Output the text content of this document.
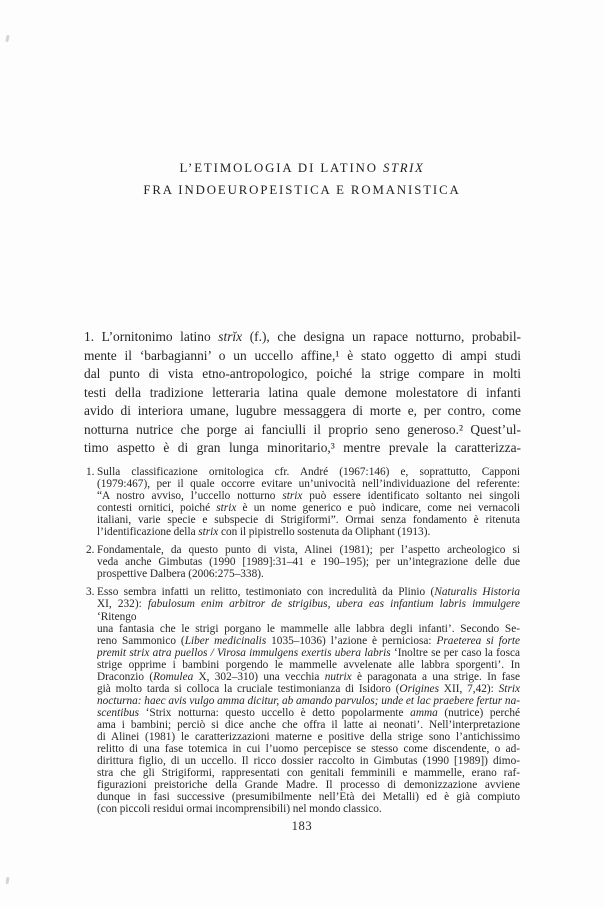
L’ETIMOLOGIA DI LATINO STRIX
FRA INDOEUROPEISTICA E ROMANISTICA
1. L’ornitonimo latino strĭx (f.), che designa un rapace notturno, probabil-
mente il ‘barbagianni’ o un uccello affine,¹ è stato oggetto di ampi studi
dal punto di vista etno-antropologico, poiché la strige compare in molti
testi della tradizione letteraria latina quale demone molestatore di infanti
avido di interiora umane, lugubre messaggera di morte e, per contro, come
notturna nutrice che porge ai fanciulli il proprio seno generoso.² Quest’ul-
timo aspetto è di gran lunga minoritario,³ mentre prevale la caratterizza-
1. Sulla classificazione ornitologica cfr. André (1967:146) e, soprattutto, Capponi
(1979:467), per il quale occorre evitare un’univocità nell’individuazione del referente:
“A nostro avviso, l’uccello notturno strix può essere identificato soltanto nei singoli
contesti ornitici, poiché strix è un nome generico e può indicare, come nei vernacoli
italiani, varie specie e subspecie di Strigiformi”. Ormai senza fondamento è ritenuta
l’identificazione della strix con il pipistrello sostenuta da Oliphant (1913).
2. Fondamentale, da questo punto di vista, Alinei (1981); per l’aspetto archeologico si
veda anche Gimbutas (1990 [1989]:31–41 e 190–195); per un’integrazione delle due
prospettive Dalbera (2006:275–338).
3. Esso sembra infatti un relitto, testimoniato con incredulità da Plinio (Naturalis Historia
XI, 232): fabulosum enim arbitror de strigibus, ubera eas infantium labris immulgere ‘Ritengo
una fantasia che le strigi porgano le mammelle alle labbra degli infanti’. Secondo Se-
reno Sammonico (Liber medicinalis 1035–1036) l’azione è perniciosa: Praeterea si forte
premit strix atra puellos / Virosa immulgens exertis ubera labris ‘Inoltre se per caso la fosca
strige opprime i bambini porgendo le mammelle avvelenate alle labbra sporgenti’. In
Draconzio (Romulea X, 302–310) una vecchia nutrix è paragonata a una strige. In fase
già molto tarda si colloca la cruciale testimonianza di Isidoro (Origines XII, 7,42): Strix
nocturna: haec avis vulgo amma dicitur, ab amando parvulos; unde et lac praebere fertur na-
scentibus ‘Strix notturna: questo uccello è detto popolarmente amma (nutrice) perché
ama i bambini; perciò si dice anche che offra il latte ai neonati’. Nell’interpretazione
di Alinei (1981) le caratterizzazioni materne e positive della strige sono l’antichissimo
relitto di una fase totemica in cui l’uomo percepisce se stesso come discendente, o ad-
dirittura figlio, di un uccello. Il ricco dossier raccolto in Gimbutas (1990 [1989]) dimo-
stra che gli Strigiformi, rappresentati con genitali femminili e mammelle, erano raf-
figurazioni preistoriche della Grande Madre. Il processo di demonizzazione avviene
dunque in fasi successive (presumibilmente nell’Età dei Metalli) ed è già compiuto
(con piccoli residui ormai incomprensibili) nel mondo classico.
183
